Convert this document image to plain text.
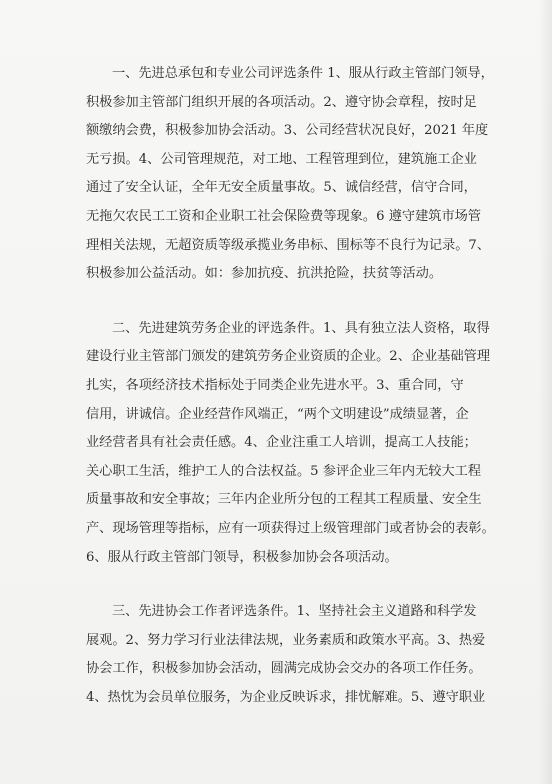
一、先进总承包和专业公司评选条件 1、服从行政主管部门领导，
积极参加主管部门组织开展的各项活动。2、遵守协会章程，按时足
额缴纳会费，积极参加协会活动。3、公司经营状况良好，2021 年度
无亏损。4、公司管理规范，对工地、工程管理到位，建筑施工企业
通过了安全认证，全年无安全质量事故。5、诚信经营，信守合同，
无拖欠农民工工资和企业职工社会保险费等现象。6 遵守建筑市场管
理相关法规，无超资质等级承揽业务串标、围标等不良行为记录。7、
积极参加公益活动。如：参加抗疫、抗洪抢险，扶贫等活动。
二、先进建筑劳务企业的评选条件。1、具有独立法人资格，取得
建设行业主管部门颁发的建筑劳务企业资质的企业。2、企业基础管理
扎实，各项经济技术指标处于同类企业先进水平。3、重合同，守
信用，讲诚信。企业经营作风端正，“两个文明建设”成绩显著，企
业经营者具有社会责任感。4、企业注重工人培训，提高工人技能；
关心职工生活，维护工人的合法权益。5 参评企业三年内无较大工程
质量事故和安全事故；三年内企业所分包的工程其工程质量、安全生
产、现场管理等指标，应有一项获得过上级管理部门或者协会的表彰。
6、服从行政主管部门领导，积极参加协会各项活动。
三、先进协会工作者评选条件。1、坚持社会主义道路和科学发
展观。2、努力学习行业法律法规，业务素质和政策水平高。3、热爱
协会工作，积极参加协会活动，圆满完成协会交办的各项工作任务。
4、热忱为会员单位服务，为企业反映诉求，排忧解难。5、遵守职业
